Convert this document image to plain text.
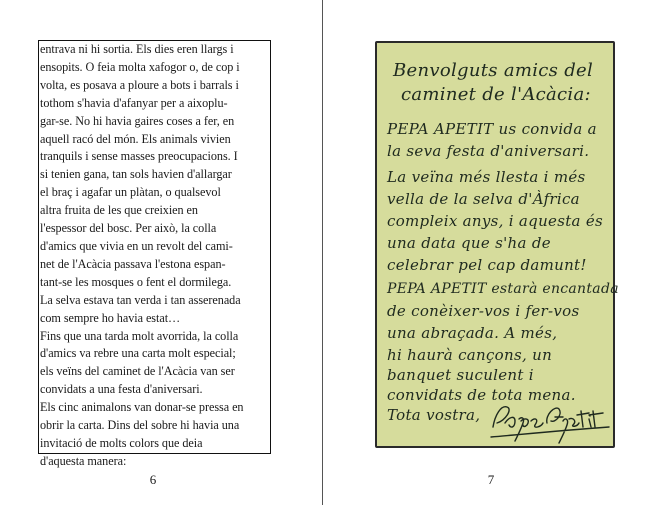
entrava ni hi sortia. Els dies eren llargs i
ensopits. O feia molta xafogor o, de cop i
volta, es posava a ploure a bots i barrals i
tothom s'havia d'afanyar per a aixoplu-
gar-se. No hi havia gaires coses a fer, en
aquell racó del món. Els animals vivien
tranquils i sense masses preocupacions. I
si tenien gana, tan sols havien d'allargar
el braç i agafar un plàtan, o qualsevol
altra fruita de les que creixien en
l'espessor del bosc. Per això, la colla
d'amics que vivia en un revolt del cami-
net de l'Acàcia passava l'estona espan-
tant-se les mosques o fent el dormilega.
La selva estava tan verda i tan asserenada
com sempre ho havia estat…
Fins que una tarda molt avorrida, la colla
d'amics va rebre una carta molt especial;
els veïns del caminet de l'Acàcia van ser
convidats a una festa d'aniversari.
Els cinc animalons van donar-se pressa en
obrir la carta. Dins del sobre hi havia una
invitació de molts colors que deia
d'aquesta manera:
6
Benvolguts amics del
caminet de l'Acàcia:
PEPA APETIT us convida a
la seva festa d'aniversari.
La veïna més llesta i més
vella de la selva d'Àfrica
compleix anys, i aquesta és
una data que s'ha de
celebrar pel cap damunt!
PEPA APETIT estarà encantada
de conèixer-vos i fer-vos
una abraçada. A més,
hi haurà cançons, un
banquet suculent i
convidats de tota mena.
Tota vostra,
7
